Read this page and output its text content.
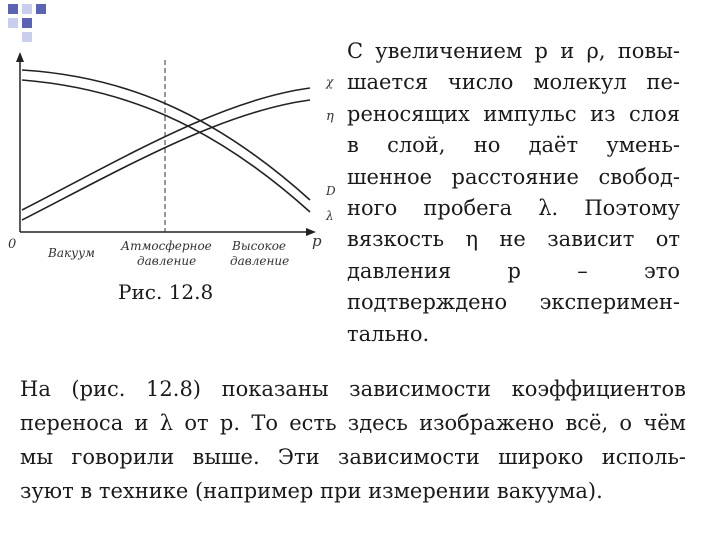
0	p
χ
η
D
λ
Вакуум Атмосферное
давление
Высокое
давление
Рис. 12.8
С увеличением p и ρ, повы-
шается число молекул пе-
реносящих импульс из слоя
в слой, но даёт умень-
шенное расстояние свобод-
ного пробега λ. Поэтому
вязкость η не зависит от
давления p – это
подтверждено эксперимен-
тально.
На (рис. 12.8) показаны зависимости коэффициентов
переноса и λ от p. То есть здесь изображено всё, о чём
мы говорили выше. Эти зависимости широко исполь-
зуют в технике (например при измерении вакуума).
